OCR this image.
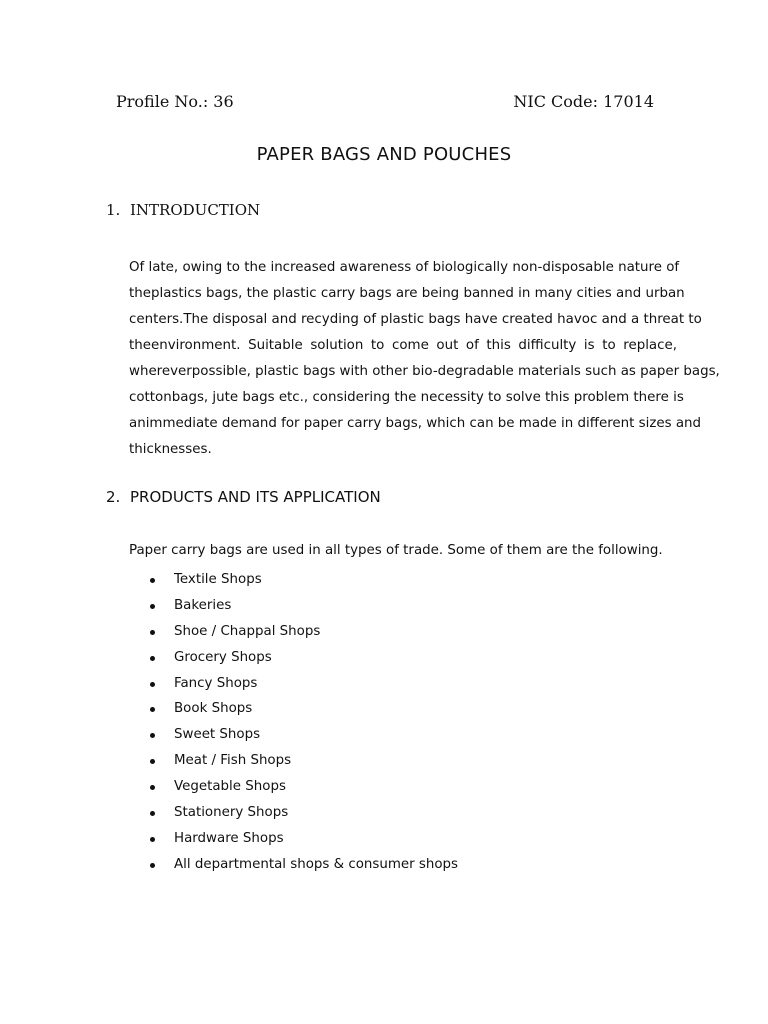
Profile No.: 36	NIC Code: 17014
PAPER BAGS AND POUCHES
1. INTRODUCTION

Of late, owing to the increased awareness of biologically non-disposable nature of
theplastics bags, the plastic carry bags are being banned in many cities and urban
centers.The disposal and recyding of plastic bags have created havoc and a threat to
theenvironment. Suitable solution to come out of this difficulty is to replace,
whereverpossible, plastic bags with other bio-degradable materials such as paper bags,
cottonbags, jute bags etc., considering the necessity to solve this problem there is
animmediate demand for paper carry bags, which can be made in different sizes and
thicknesses.

2. PRODUCTS AND ITS APPLICATION

Paper carry bags are used in all types of trade. Some of them are the following.

Textile Shops
Bakeries
Shoe / Chappal Shops
Grocery Shops
Fancy Shops
Book Shops
Sweet Shops
Meat / Fish Shops
Vegetable Shops
Stationery Shops
Hardware Shops
All departmental shops & consumer shops
